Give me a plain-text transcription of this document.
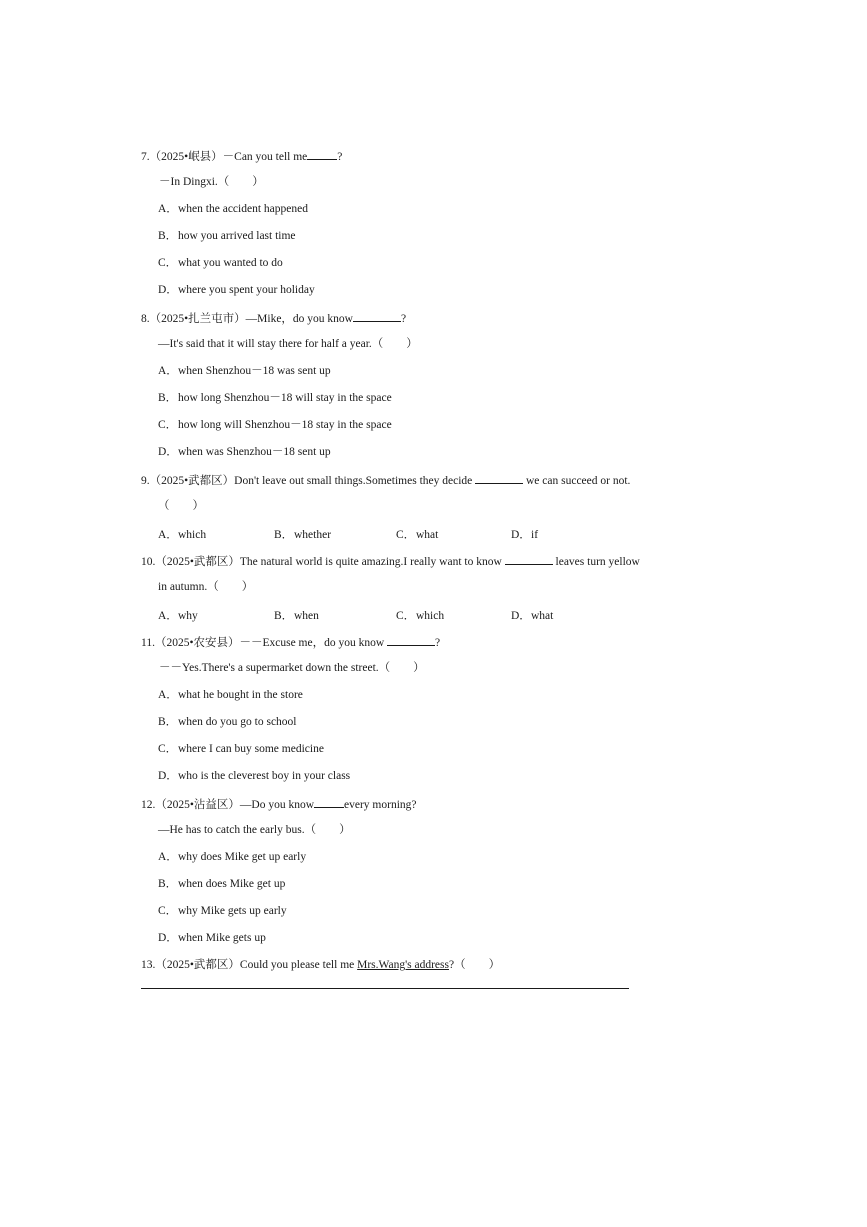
7.（2025•岷县）－Can you tell me	?
－In Dingxi.（　　）
A．when the accident happened
B．how you arrived last time
C．what you wanted to do
D．where you spent your holiday
8.（2025•扎兰屯市）—Mike，do you know	?
—It's said that it will stay there for half a year.（　　）
A．when Shenzhou－18 was sent up
B．how long Shenzhou－18 will stay in the space
C．how long will Shenzhou－18 stay in the space
D．when was Shenzhou－18 sent up
9.（2025•武都区）Don't leave out small things.Sometimes they decide	we can succeed or not.
（　　）
A．which	B．whether	C．what	D．if
10.（2025•武都区）The natural world is quite amazing.I really want to know	leaves turn yellow
in autumn.（　　）
A．why	B．when	C．which	D．what
11.（2025•农安县）－－Excuse me，do you know	?
－－Yes.There's a supermarket down the street.（　　）
A．what he bought in the store
B．when do you go to school
C．where I can buy some medicine
D．who is the cleverest boy in your class
12.（2025•沾益区）—Do you know	every morning?
—He has to catch the early bus.（　　）
A．why does Mike get up early
B．when does Mike get up
C．why Mike gets up early
D．when Mike gets up
13.（2025•武都区）Could you please tell me Mrs.Wang's address?（　　）
